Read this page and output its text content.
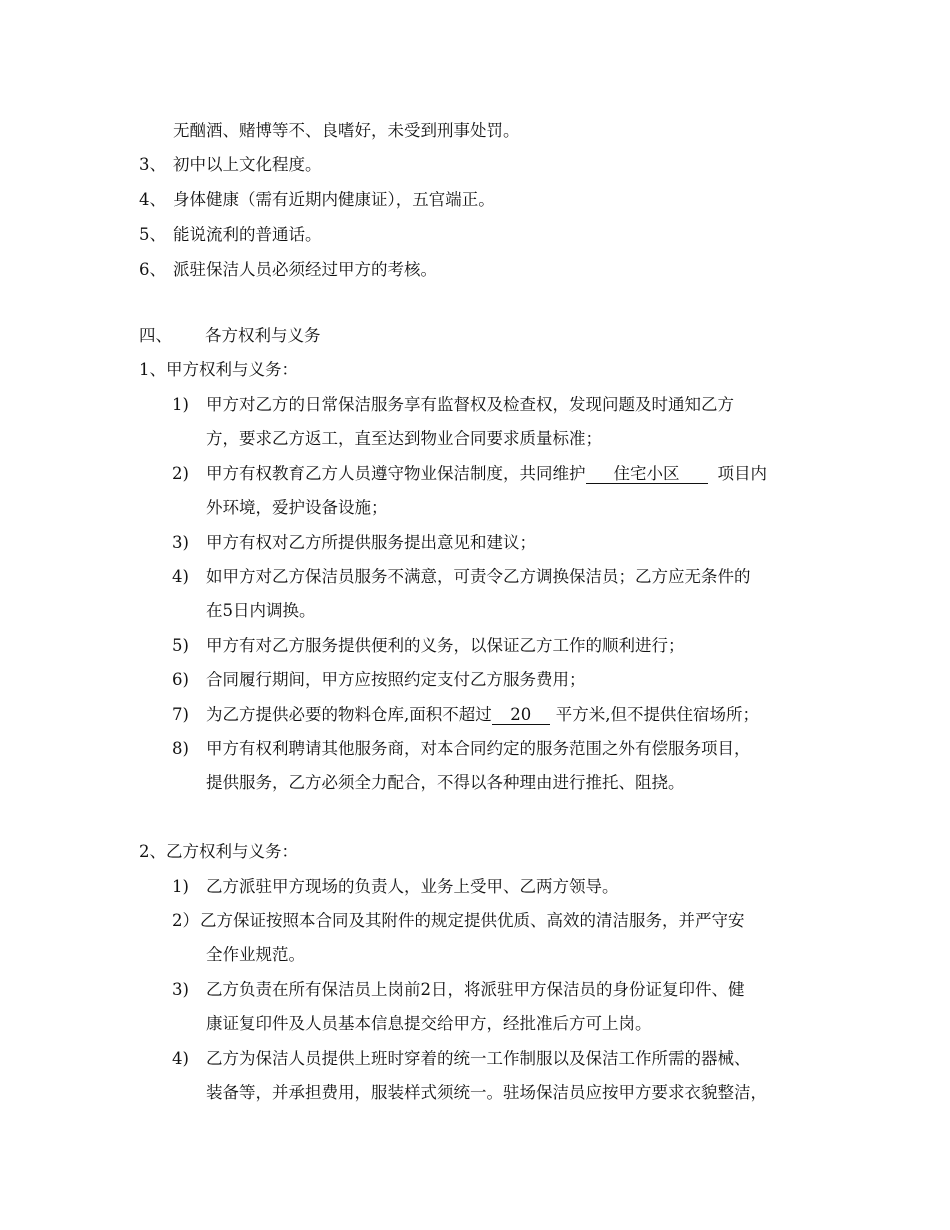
无酗酒、赌博等不、良嗜好，未受到刑事处罚。
3、 初中以上文化程度。
4、 身体健康（需有近期内健康证），五官端正。
5、 能说流利的普通话。
6、 派驻保洁人员必须经过甲方的考核。
四、 各方权利与义务
1、甲方权利与义务：
1) 甲方对乙方的日常保洁服务享有监督权及检查权，发现问题及时通知乙方
方，要求乙方返工，直至达到物业合同要求质量标准；
2) 甲方有权教育乙方人员遵守物业保洁制度，共同维护 住宅小区 项目内
外环境，爱护设备设施；
3) 甲方有权对乙方所提供服务提出意见和建议；
4) 如甲方对乙方保洁员服务不满意，可责令乙方调换保洁员；乙方应无条件的
在5日内调换。
5) 甲方有对乙方服务提供便利的义务，以保证乙方工作的顺利进行；
6) 合同履行期间，甲方应按照约定支付乙方服务费用；
7) 为乙方提供必要的物料仓库,面积不超过 20 平方米,但不提供住宿场所；
8) 甲方有权利聘请其他服务商，对本合同约定的服务范围之外有偿服务项目，
提供服务，乙方必须全力配合，不得以各种理由进行推托、阻挠。
2、乙方权利与义务：
1) 乙方派驻甲方现场的负责人，业务上受甲、乙两方领导。
2） 乙方保证按照本合同及其附件的规定提供优质、高效的清洁服务，并严守安
全作业规范。
3) 乙方负责在所有保洁员上岗前2日，将派驻甲方保洁员的身份证复印件、健
康证复印件及人员基本信息提交给甲方，经批准后方可上岗。
4) 乙方为保洁人员提供上班时穿着的统一工作制服以及保洁工作所需的器械、
装备等，并承担费用，服装样式须统一。驻场保洁员应按甲方要求衣貌整洁，
